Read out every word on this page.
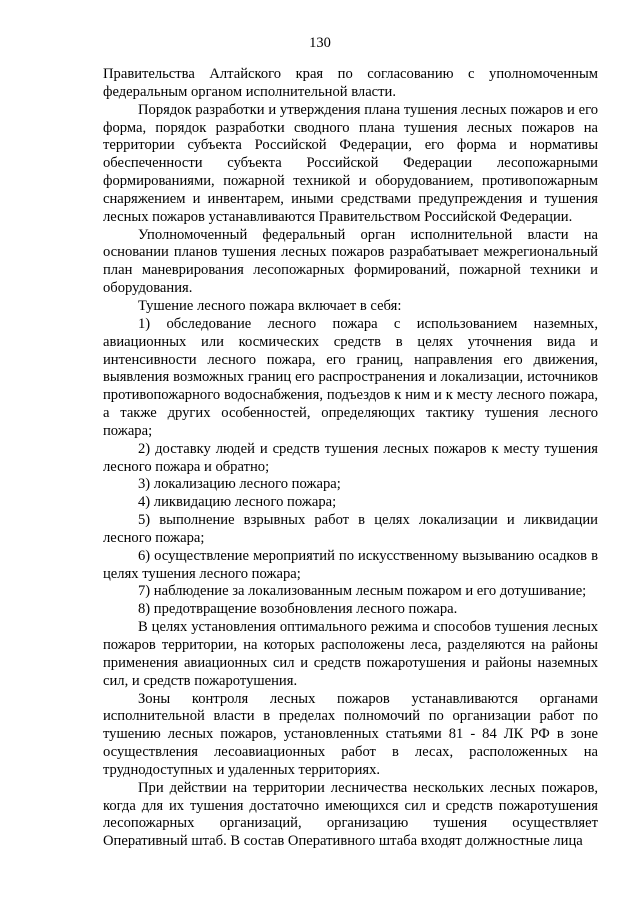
130

Правительства Алтайского края по согласованию с уполномоченным федеральным органом исполнительной власти.

Порядок разработки и утверждения плана тушения лесных пожаров и его форма, порядок разработки сводного плана тушения лесных пожаров на территории субъекта Российской Федерации, его форма и нормативы обеспеченности субъекта Российской Федерации лесопожарными формированиями, пожарной техникой и оборудованием, противопожарным снаряжением и инвентарем, иными средствами предупреждения и тушения лесных пожаров устанавливаются Правительством Российской Федерации.

Уполномоченный федеральный орган исполнительной власти на основании планов тушения лесных пожаров разрабатывает межрегиональный план маневрирования лесопожарных формирований, пожарной техники и оборудования.

Тушение лесного пожара включает в себя:

1) обследование лесного пожара с использованием наземных, авиационных или космических средств в целях уточнения вида и интенсивности лесного пожара, его границ, направления его движения, выявления возможных границ его распространения и локализации, источников противопожарного водоснабжения, подъездов к ним и к месту лесного пожара, а также других особенностей, определяющих тактику тушения лесного пожара;

2) доставку людей и средств тушения лесных пожаров к месту тушения лесного пожара и обратно;

3) локализацию лесного пожара;

4) ликвидацию лесного пожара;

5) выполнение взрывных работ в целях локализации и ликвидации лесного пожара;

6) осуществление мероприятий по искусственному вызыванию осадков в целях тушения лесного пожара;

7) наблюдение за локализованным лесным пожаром и его дотушивание;

8) предотвращение возобновления лесного пожара.

В целях установления оптимального режима и способов тушения лесных пожаров территории, на которых расположены леса, разделяются на районы применения авиационных сил и средств пожаротушения и районы наземных сил, и средств пожаротушения.

Зоны контроля лесных пожаров устанавливаются органами исполнительной власти в пределах полномочий по организации работ по тушению лесных пожаров, установленных статьями 81 - 84 ЛК РФ в зоне осуществления лесоавиационных работ в лесах, расположенных на труднодоступных и удаленных территориях.

При действии на территории лесничества нескольких лесных пожаров, когда для их тушения достаточно имеющихся сил и средств пожаротушения лесопожарных организаций, организацию тушения осуществляет Оперативный штаб. В состав Оперативного штаба входят должностные лица
